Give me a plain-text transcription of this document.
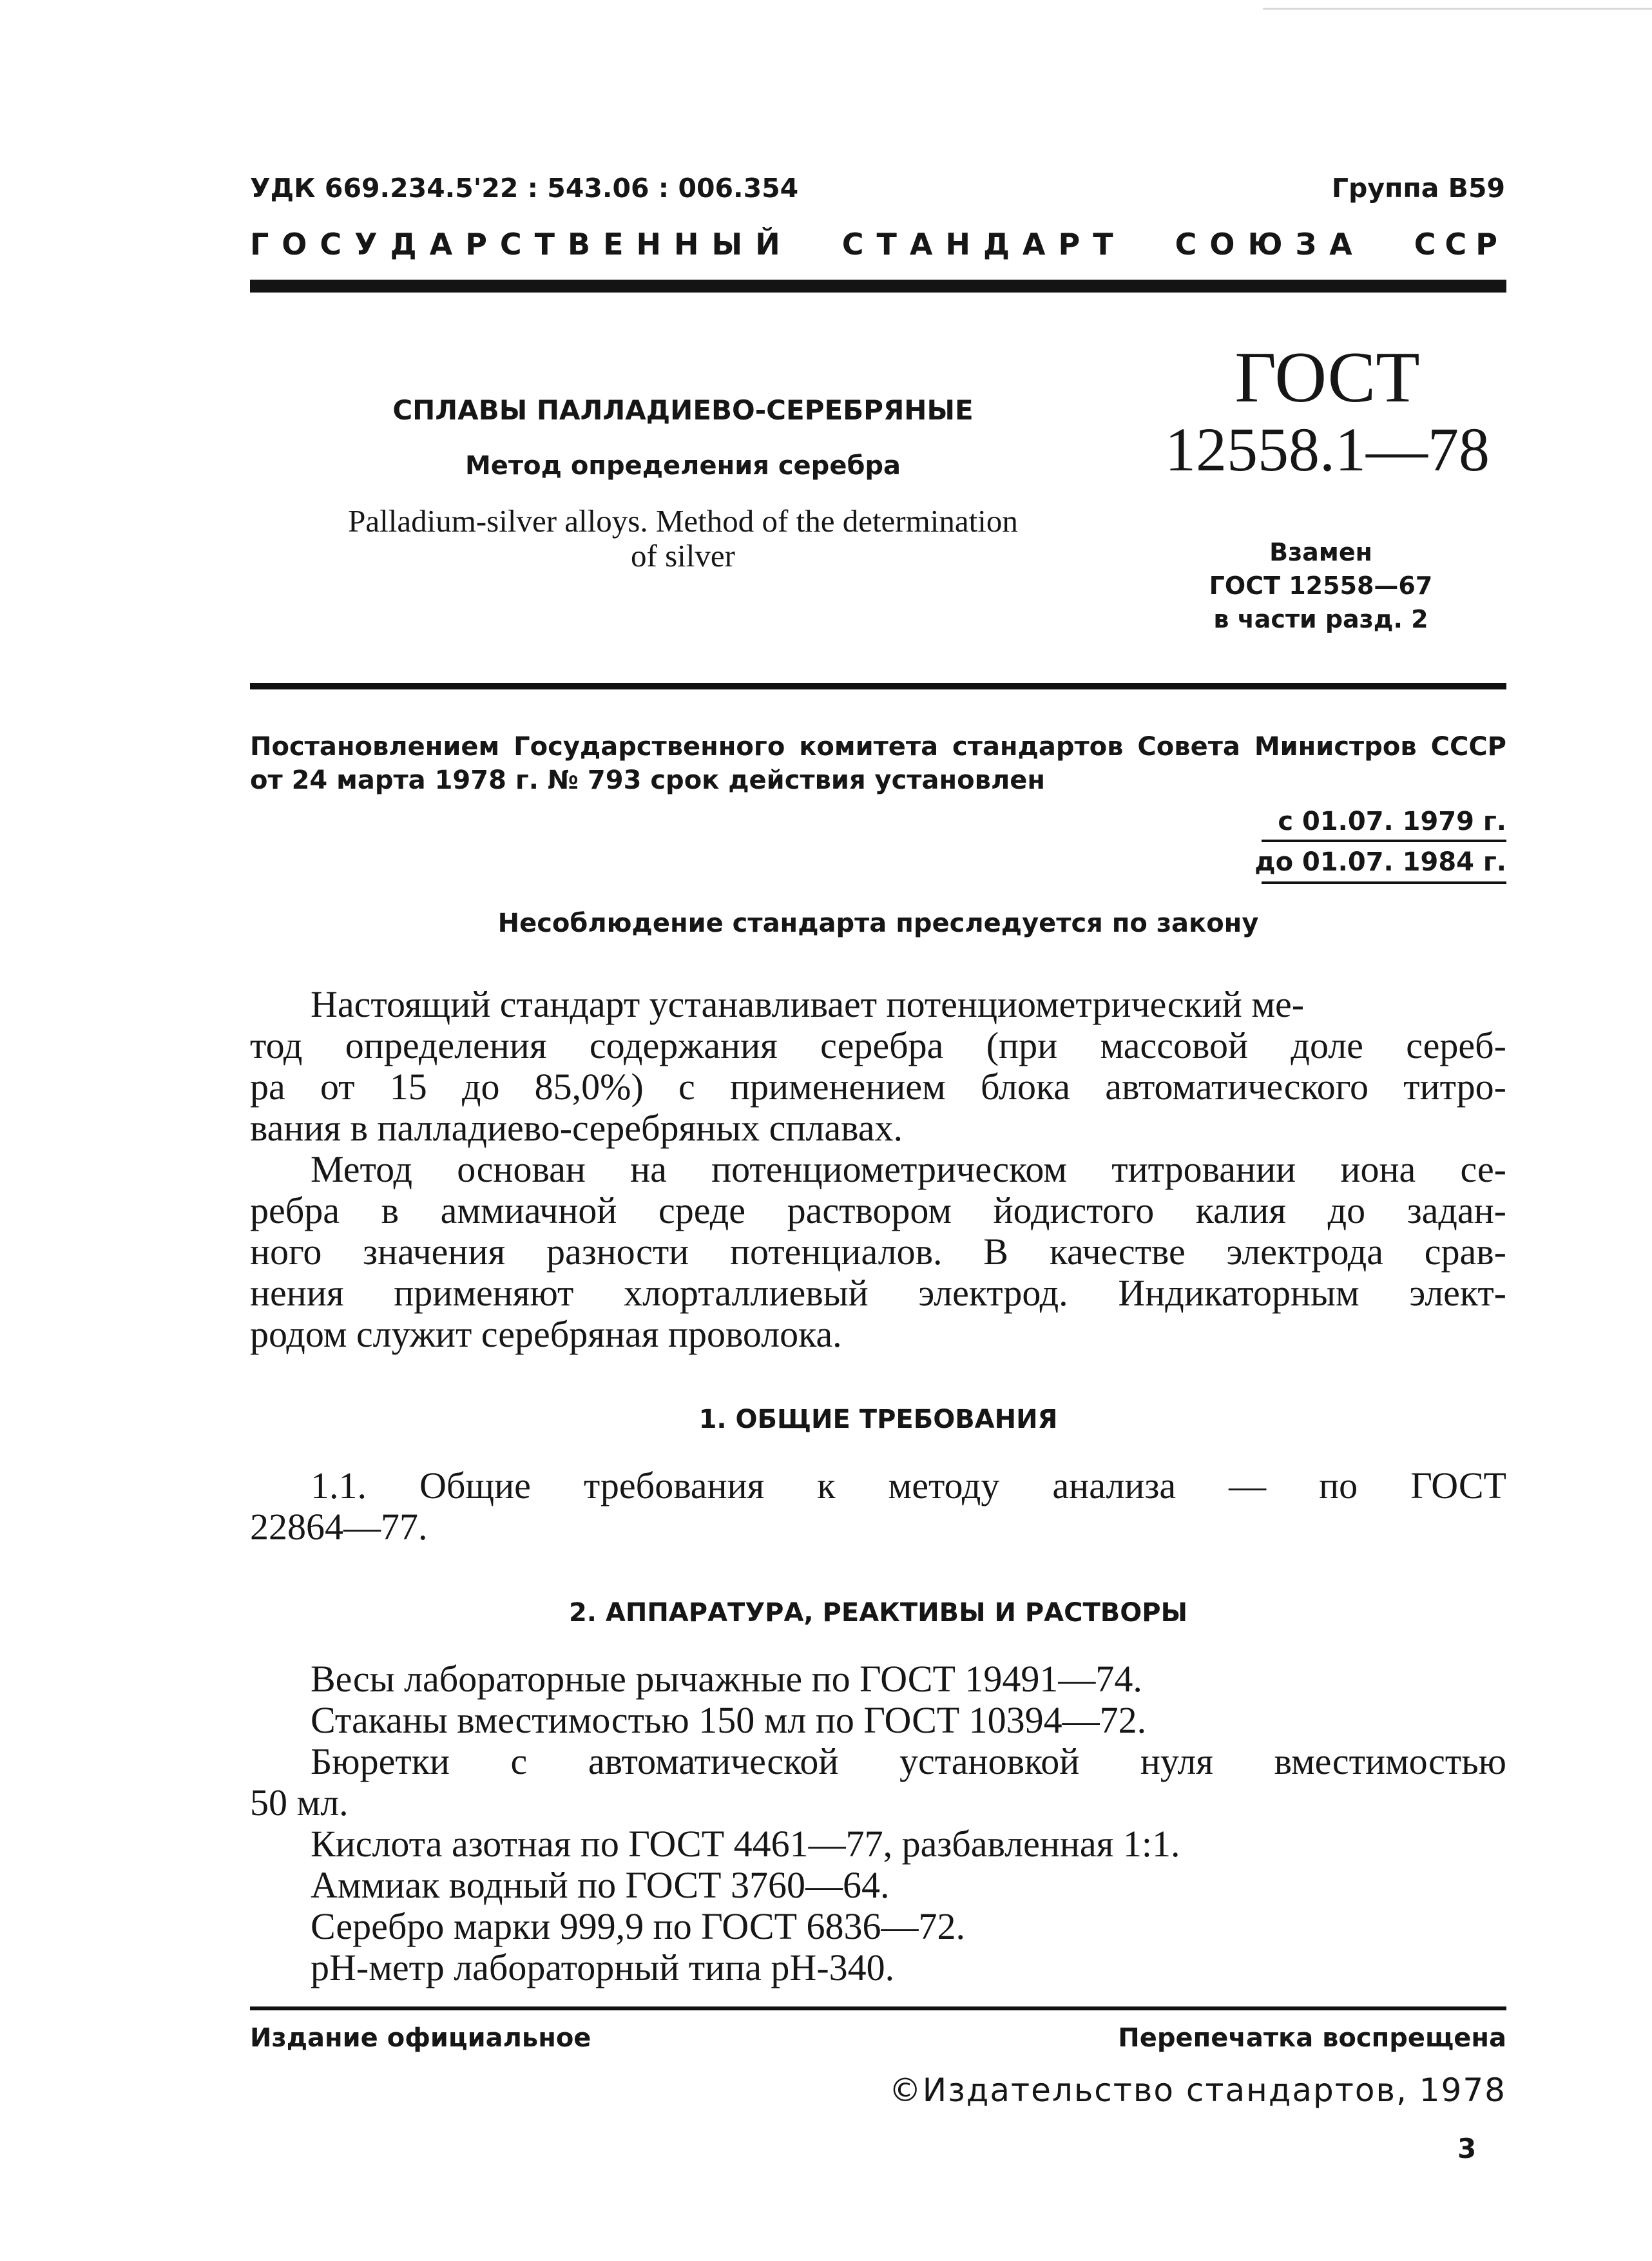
УДК 669.234.5'22 : 543.06 : 006.354	Группа В59
ГОСУДАРСТВЕННЫЙ СТАНДАРТ СОЮЗА ССР
СПЛАВЫ ПАЛЛАДИЕВО-СЕРЕБРЯНЫЕ
Метод определения серебра
Palladium-silver alloys. Method of the determination
of silver
ГОСТ
12558.1—78
Взамен
ГОСТ 12558—67
в части разд. 2
Постановлением Государственного комитета стандартов Совета Министров СССР
от 24 марта 1978 г. № 793 срок действия установлен
с 01.07. 1979 г.
до 01.07. 1984 г.
Несоблюдение стандарта преследуется по закону
Настоящий стандарт устанавливает потенциометрический ме-
тод определения содержания серебра (при массовой доле сереб-
ра от 15 до 85,0%) с применением блока автоматического титро-
вания в палладиево-серебряных сплавах.
Метод основан на потенциометрическом титровании иона се-
ребра в аммиачной среде раствором йодистого калия до задан-
ного значения разности потенциалов. В качестве электрода срав-
нения применяют хлорталлиевый электрод. Индикаторным элект-
родом служит серебряная проволока.
1. ОБЩИЕ ТРЕБОВАНИЯ
1.1. Общие требования к методу анализа — по ГОСТ
22864—77.
2. АППАРАТУРА, РЕАКТИВЫ И РАСТВОРЫ
Весы лабораторные рычажные по ГОСТ 19491—74.
Стаканы вместимостью 150 мл по ГОСТ 10394—72.
Бюретки с автоматической установкой нуля вместимостью
50 мл.
Кислота азотная по ГОСТ 4461—77, разбавленная 1:1.
Аммиак водный по ГОСТ 3760—64.
Серебро марки 999,9 по ГОСТ 6836—72.
pH-метр лабораторный типа pH-340.
Издание официальное	Перепечатка воспрещена
©Издательство стандартов, 1978
3
